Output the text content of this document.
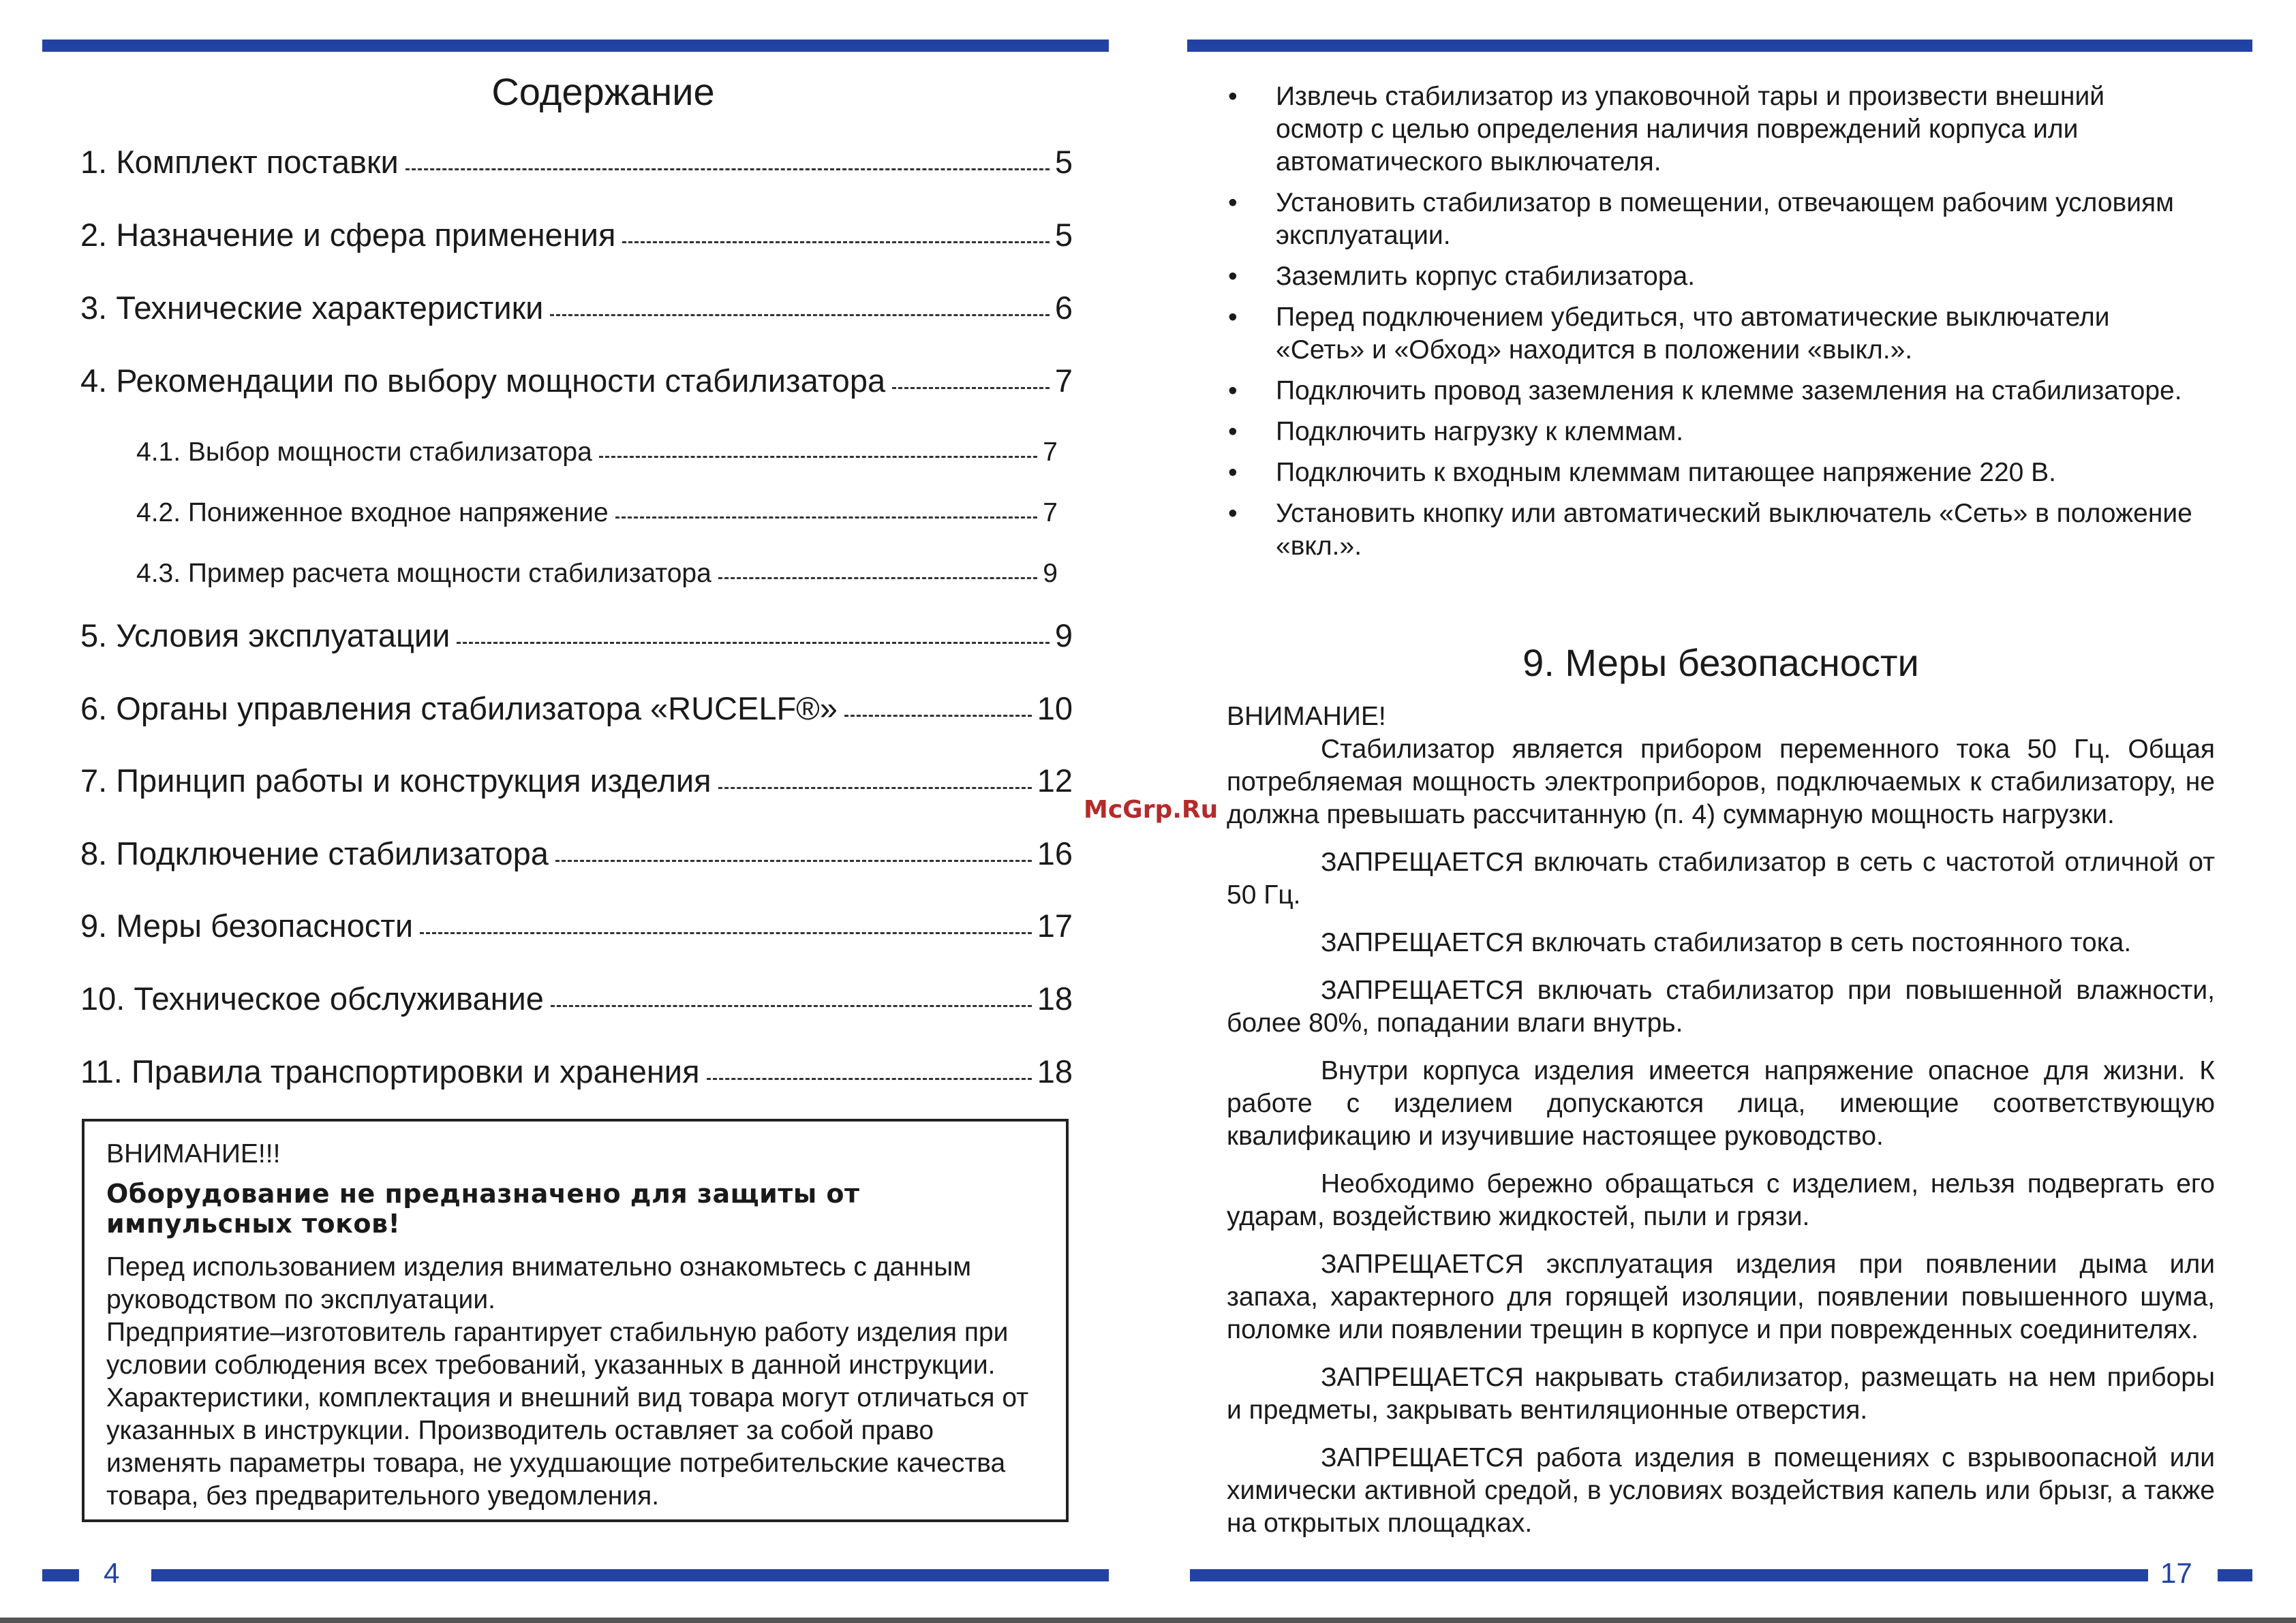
Содержание
1. Комплект поставки	5
2. Назначение и сфера применения	5
3. Технические характеристики	6
4. Рекомендации по выбору мощности стабилизатора	7
4.1. Выбор мощности стабилизатора	7
4.2. Пониженное входное напряжение	7
4.3. Пример расчета мощности стабилизатора	9
5. Условия эксплуатации	9
6. Органы управления стабилизатора «RUCELF®»	10
7. Принцип работы и конструкция изделия	12
8. Подключение стабилизатора	16
9. Меры безопасности	17
10. Техническое обслуживание	18
11. Правила транспортировки и хранения	18
ВНИМАНИЕ!!!
Оборудование не предназначено для защиты от импульсных токов!
Перед использованием изделия внимательно ознакомьтесь с данным руководством по эксплуатации.
Предприятие–изготовитель гарантирует стабильную работу изделия при условии соблюдения всех требований, указанных в данной инструкции.
Характеристики, комплектация и внешний вид товара могут отличаться от указанных в инструкции. Производитель оставляет за собой право изменять параметры товара, не ухудшающие потребительские качества товара, без предварительного уведомления.
4
• Извлечь стабилизатор из упаковочной тары и произвести внешний осмотр с целью определения наличия повреждений корпуса или автоматического выключателя.
• Установить стабилизатор в помещении, отвечающем рабочим условиям эксплуатации.
• Заземлить корпус стабилизатора.
• Перед подключением убедиться, что автоматические выключатели «Сеть» и «Обход» находится в положении «выкл.».
• Подключить провод заземления к клемме заземления на стабилизаторе.
• Подключить нагрузку к клеммам.
• Подключить к входным клеммам питающее напряжение 220 В.
• Установить кнопку или автоматический выключатель «Сеть» в положение «вкл.».
9. Меры безопасности

ВНИМАНИЕ!

Стабилизатор является прибором переменного тока 50 Гц. Общая потребляемая мощность электроприборов, подключаемых к стабилизатору, не должна превышать рассчитанную (п. 4) суммарную мощность нагрузки.

ЗАПРЕЩАЕТСЯ включать стабилизатор в сеть с частотой отличной от 50 Гц.

ЗАПРЕЩАЕТСЯ включать стабилизатор в сеть постоянного тока.

ЗАПРЕЩАЕТСЯ включать стабилизатор при повышенной влажности, более 80%, попадании влаги внутрь.

Внутри корпуса изделия имеется напряжение опасное для жизни. К работе с изделием допускаются лица, имеющие соответствующую квалификацию и изучившие настоящее руководство.

Необходимо бережно обращаться с изделием, нельзя подвергать его ударам, воздействию жидкостей, пыли и грязи.

ЗАПРЕЩАЕТСЯ эксплуатация изделия при появлении дыма или запаха, характерного для горящей изоляции, появлении повышенного шума, поломке или появлении трещин в корпусе и при поврежденных соединителях.

ЗАПРЕЩАЕТСЯ накрывать стабилизатор, размещать на нем приборы и предметы, закрывать вентиляционные отверстия.

ЗАПРЕЩАЕТСЯ работа изделия в помещениях с взрывоопасной или химически активной средой, в условиях воздействия капель или брызг, а также на открытых площадках.

17
McGrp.Ru
